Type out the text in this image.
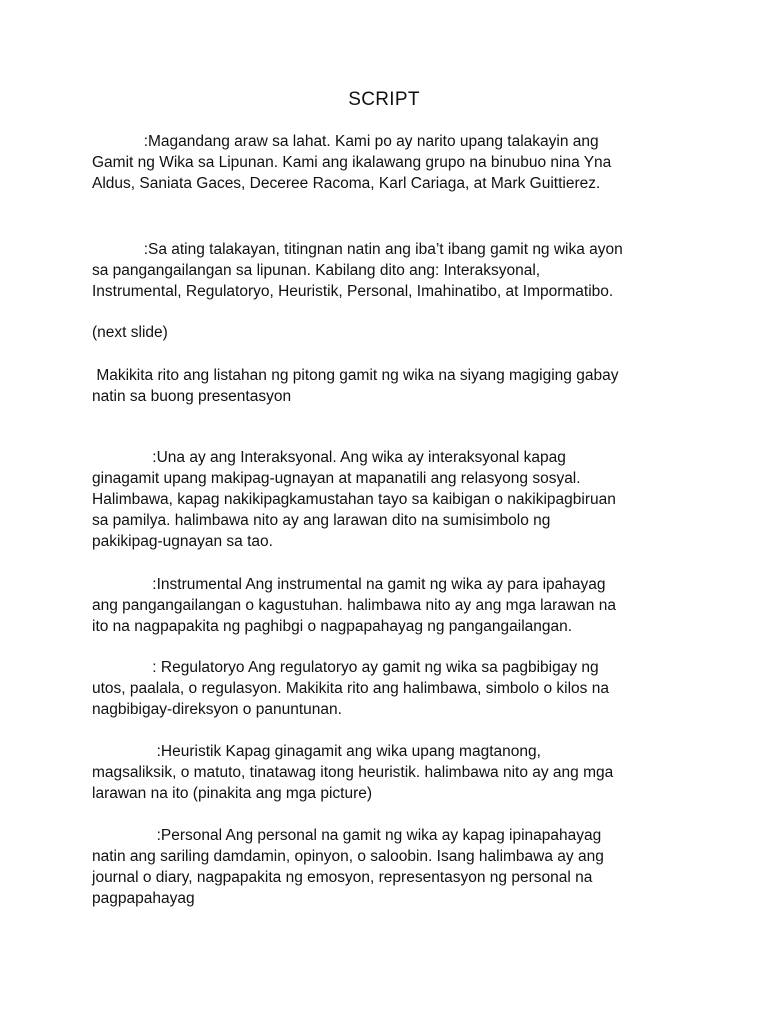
SCRIPT

:Magandang araw sa lahat. Kami po ay narito upang talakayin ang
Gamit ng Wika sa Lipunan. Kami ang ikalawang grupo na binubuo nina Yna
Aldus, Saniata Gaces, Deceree Racoma, Karl Cariaga, at Mark Guittierez.

:Sa ating talakayan, titingnan natin ang iba’t ibang gamit ng wika ayon
sa pangangailangan sa lipunan. Kabilang dito ang: Interaksyonal,
Instrumental, Regulatoryo, Heuristik, Personal, Imahinatibo, at Impormatibo.

(next slide)

Makikita rito ang listahan ng pitong gamit ng wika na siyang magiging gabay
natin sa buong presentasyon

:Una ay ang Interaksyonal. Ang wika ay interaksyonal kapag
ginagamit upang makipag-ugnayan at mapanatili ang relasyong sosyal.
Halimbawa, kapag nakikipagkamustahan tayo sa kaibigan o nakikipagbiruan
sa pamilya. halimbawa nito ay ang larawan dito na sumisimbolo ng
pakikipag-ugnayan sa tao.

:Instrumental Ang instrumental na gamit ng wika ay para ipahayag
ang pangangailangan o kagustuhan. halimbawa nito ay ang mga larawan na
ito na nagpapakita ng paghibgi o nagpapahayag ng pangangailangan.

: Regulatoryo Ang regulatoryo ay gamit ng wika sa pagbibigay ng
utos, paalala, o regulasyon. Makikita rito ang halimbawa, simbolo o kilos na
nagbibigay-direksyon o panuntunan.

:Heuristik Kapag ginagamit ang wika upang magtanong,
magsaliksik, o matuto, tinatawag itong heuristik. halimbawa nito ay ang mga
larawan na ito (pinakita ang mga picture)

:Personal Ang personal na gamit ng wika ay kapag ipinapahayag
natin ang sariling damdamin, opinyon, o saloobin. Isang halimbawa ay ang
journal o diary, nagpapakita ng emosyon, representasyon ng personal na
pagpapahayag
